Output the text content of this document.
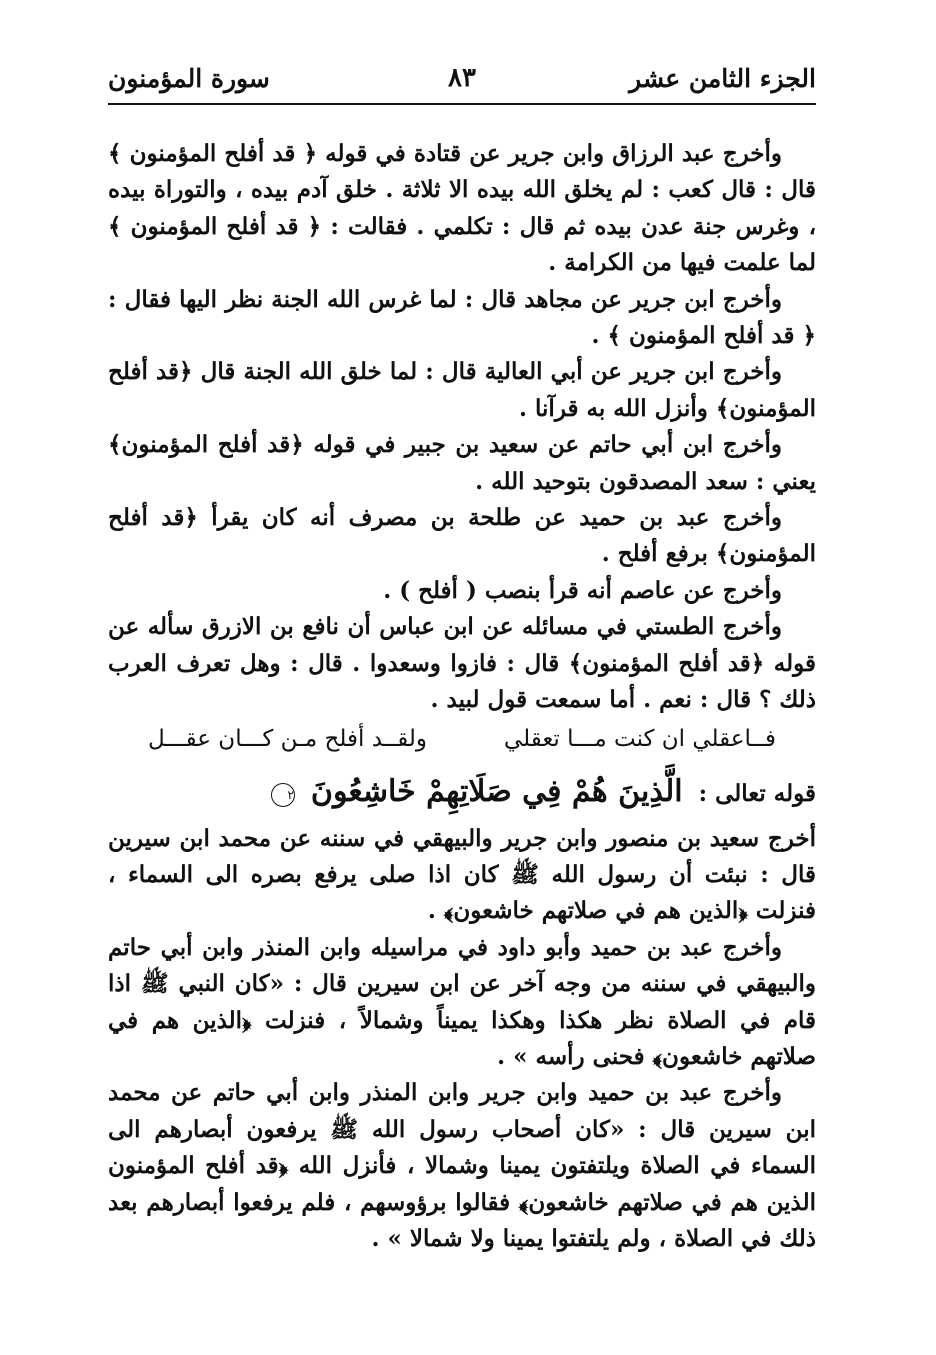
الجزء الثامن عشر
٨٣
سورة المؤمنون

وأخرج عبد الرزاق وابن جرير عن قتادة في قوله ﴿ قد أفلح المؤمنون ﴾ قال : قال كعب : لم يخلق الله بيده الا ثلاثة . خلق آدم بيده ، والتوراة بيده ، وغرس جنة عدن بيده ثم قال : تكلمي . فقالت : ﴿ قد أفلح المؤمنون ﴾ لما علمت فيها من الكرامة .

وأخرج ابن جرير عن مجاهد قال : لما غرس الله الجنة نظر اليها فقال : ﴿ قد أفلح المؤمنون ﴾ .

وأخرج ابن جرير عن أبي العالية قال : لما خلق الله الجنة قال ﴿قد أفلح المؤمنون﴾ وأنزل الله به قرآنا .

وأخرج ابن أبي حاتم عن سعيد بن جبير في قوله ﴿قد أفلح المؤمنون﴾ يعني : سعد المصدقون بتوحيد الله .

وأخرج عبد بن حميد عن طلحة بن مصرف أنه كان يقرأ ﴿قد أفلح المؤمنون﴾ برفع أفلح .

وأخرج عن عاصم أنه قرأ بنصب ( أفلح ) .

وأخرج الطستي في مسائله عن ابن عباس أن نافع بن الازرق سأله عن قوله ﴿قد أفلح المؤمنون﴾ قال : فازوا وسعدوا . قال : وهل تعرف العرب ذلك ؟ قال : نعم . أما سمعت قول لبيد .

فــاعقلي ان كنت مـــا تعقلي
ولقــد أفلح مـن كـــان عقـــل

قوله تعالى : الَّذِينَ هُمْ فِي صَلَاتِهِمْ خَاشِعُونَ ٢

أخرج سعيد بن منصور وابن جرير والبيهقي في سننه عن محمد ابن سيرين قال : نبئت أن رسول الله ﷺ كان اذا صلى يرفع بصره الى السماء ، فنزلت ﴿الذين هم في صلاتهم خاشعون﴾ .

وأخرج عبد بن حميد وأبو داود في مراسيله وابن المنذر وابن أبي حاتم والبيهقي في سننه من وجه آخر عن ابن سيرين قال : «كان النبي ﷺ اذا قام في الصلاة نظر هكذا وهكذا يميناً وشمالاً ، فنزلت ﴿الذين هم في صلاتهم خاشعون﴾ فحنى رأسه » .

وأخرج عبد بن حميد وابن جرير وابن المنذر وابن أبي حاتم عن محمد ابن سيرين قال : «كان أصحاب رسول الله ﷺ يرفعون أبصارهم الى السماء في الصلاة ويلتفتون يمينا وشمالا ، فأنزل الله ﴿قد أفلح المؤمنون الذين هم في صلاتهم خاشعون﴾ فقالوا برؤوسهم ، فلم يرفعوا أبصارهم بعد ذلك في الصلاة ، ولم يلتفتوا يمينا ولا شمالا » .
